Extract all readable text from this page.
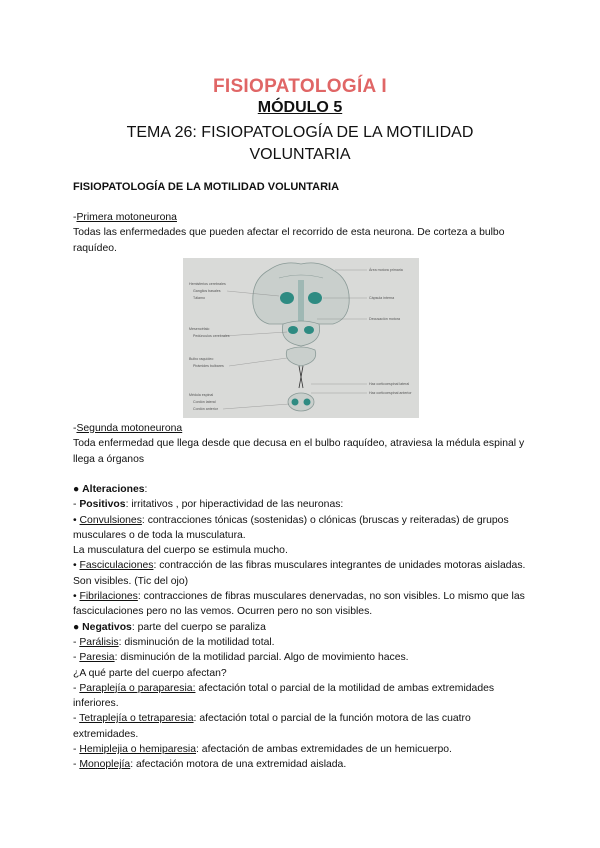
FISIOPATOLOGÍA I
MÓDULO 5
TEMA 26: FISIOPATOLOGÍA DE LA MOTILIDAD VOLUNTARIA
FISIOPATOLOGÍA DE LA MOTILIDAD VOLUNTARIA
-Primera motoneurona
Todas las enfermedades que pueden afectar el recorrido de esta neurona. De corteza a bulbo raquídeo.
Hemisferios cerebrales
Ganglios basales
Tálamo
Mesencéfalo
Pedúnculos cerebrales
Bulbo raquídeo
Pirámides bulbares
Médula espinal
Cordón lateral
Cordón anterior
Área motora primaria
Cápsula interna
Decusación motora
Haz corticoespinal lateral
Haz corticoespinal anterior
-Segunda motoneurona
Toda enfermedad que llega desde que decusa en el bulbo raquídeo, atraviesa la médula espinal y llega a órganos
● Alteraciones:
- Positivos: irritativos , por hiperactividad de las neuronas:
• Convulsiones: contracciones tónicas (sostenidas) o clónicas (bruscas y reiteradas) de grupos musculares o de toda la musculatura.
La musculatura del cuerpo se estimula mucho.
• Fasciculaciones: contracción de las fibras musculares integrantes de unidades motoras aisladas. Son visibles. (Tic del ojo)
• Fibrilaciones: contracciones de fibras musculares denervadas, no son visibles. Lo mismo que las fasciculaciones pero no las vemos. Ocurren pero no son visibles.
● Negativos: parte del cuerpo se paraliza
- Parálisis: disminución de la motilidad total.
- Paresia: disminución de la motilidad parcial. Algo de movimiento haces.
¿A qué parte del cuerpo afectan?
- Paraplejía o paraparesia: afectación total o parcial de la motilidad de ambas extremidades inferiores.
- Tetraplejía o tetraparesia: afectación total o parcial de la función motora de las cuatro extremidades.
- Hemiplejia o hemiparesia: afectación de ambas extremidades de un hemicuerpo.
- Monoplejía: afectación motora de una extremidad aislada.
